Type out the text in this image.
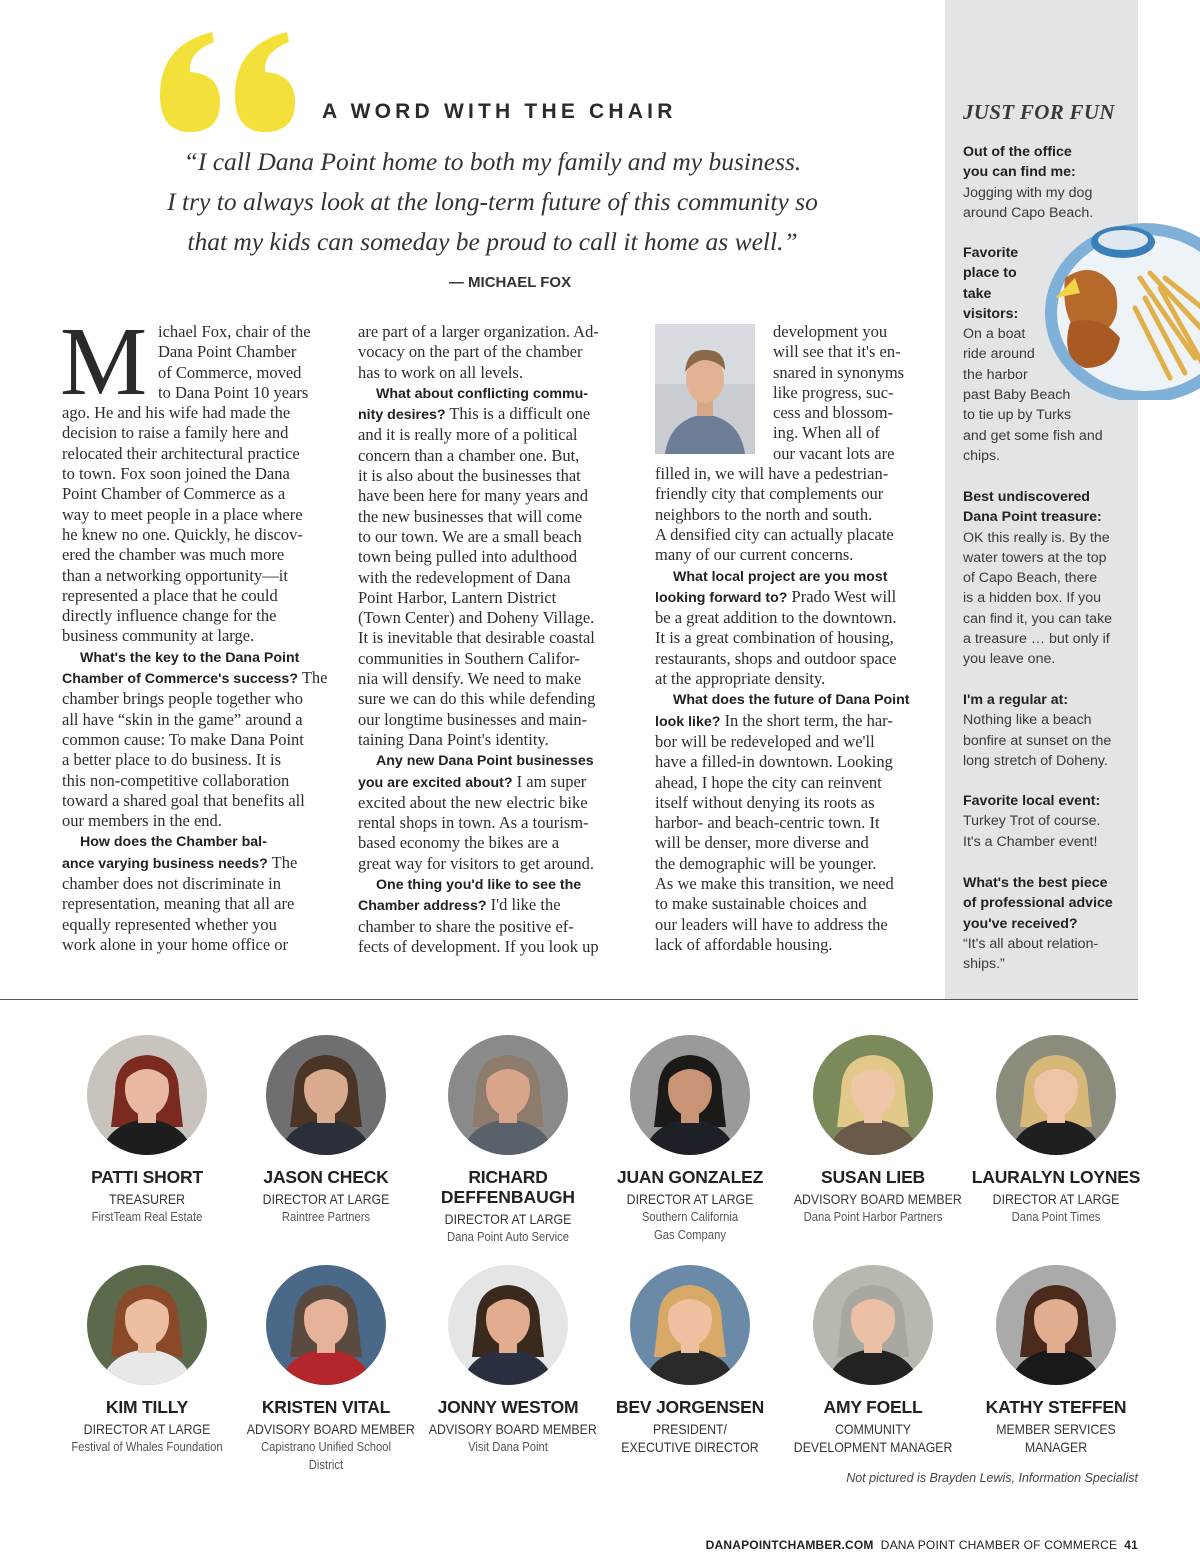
JUST FOR FUN
Out of the office
you can find me:
Jogging with my dog
around Capo Beach.
Favorite
place to
take
visitors:
On a boat
ride around
the harbor
past Baby Beach
to tie up by Turks
and get some fish and
chips.
Best undiscovered
Dana Point treasure:
OK this really is. By the
water towers at the top
of Capo Beach, there
is a hidden box. If you
can find it, you can take
a treasure … but only if
you leave one.
I'm a regular at:
Nothing like a beach
bonfire at sunset on the
long stretch of Doheny.
Favorite local event:
Turkey Trot of course.
It's a Chamber event!
What's the best piece
of professional advice
you've received?
“It's all about relation-
ships.”
A WORD WITH THE CHAIR
“I call Dana Point home to both my family and my business.
I try to always look at the long-term future of this community so
that my kids can someday be proud to call it home as well.”
— MICHAEL FOX
M ichael Fox, chair of the
Dana Point Chamber
of Commerce, moved
to Dana Point 10 years
ago. He and his wife had made the
decision to raise a family here and
relocated their architectural practice
to town. Fox soon joined the Dana
Point Chamber of Commerce as a
way to meet people in a place where
he knew no one. Quickly, he discov-
ered the chamber was much more
than a networking opportunity—it
represented a place that he could
directly influence change for the
business community at large.
What's the key to the Dana Point
Chamber of Commerce's success? The
chamber brings people together who
all have “skin in the game” around a
common cause: To make Dana Point
a better place to do business. It is
this non-competitive collaboration
toward a shared goal that benefits all
our members in the end.
How does the Chamber bal-
ance varying business needs? The
chamber does not discriminate in
representation, meaning that all are
equally represented whether you
work alone in your home office or
are part of a larger organization. Ad-
vocacy on the part of the chamber
has to work on all levels.
What about conflicting commu-
nity desires? This is a difficult one
and it is really more of a political
concern than a chamber one. But,
it is also about the businesses that
have been here for many years and
the new businesses that will come
to our town. We are a small beach
town being pulled into adulthood
with the redevelopment of Dana
Point Harbor, Lantern District
(Town Center) and Doheny Village.
It is inevitable that desirable coastal
communities in Southern Califor-
nia will densify. We need to make
sure we can do this while defending
our longtime businesses and main-
taining Dana Point's identity.
Any new Dana Point businesses
you are excited about? I am super
excited about the new electric bike
rental shops in town. As a tourism-
based economy the bikes are a
great way for visitors to get around.
One thing you'd like to see the
Chamber address? I'd like the
chamber to share the positive ef-
fects of development. If you look up
development you
will see that it's en-
snared in synonyms
like progress, suc-
cess and blossom-
ing. When all of
our vacant lots are
filled in, we will have a pedestrian-
friendly city that complements our
neighbors to the north and south.
A densified city can actually placate
many of our current concerns.
What local project are you most
looking forward to? Prado West will
be a great addition to the downtown.
It is a great combination of housing,
restaurants, shops and outdoor space
at the appropriate density.
What does the future of Dana Point
look like? In the short term, the har-
bor will be redeveloped and we'll
have a filled-in downtown. Looking
ahead, I hope the city can reinvent
itself without denying its roots as
harbor- and beach-centric town. It
will be denser, more diverse and
the demographic will be younger.
As we make this transition, we need
to make sustainable choices and
our leaders will have to address the
lack of affordable housing.
PATTI SHORT
TREASURER
FirstTeam Real Estate
JASON CHECK
DIRECTOR AT LARGE
Raintree Partners
RICHARD
DEFFENBAUGH
DIRECTOR AT LARGE
Dana Point Auto Service
JUAN GONZALEZ
DIRECTOR AT LARGE
Southern California
Gas Company
SUSAN LIEB
ADVISORY BOARD MEMBER
Dana Point Harbor Partners
LAURALYN LOYNES
DIRECTOR AT LARGE
Dana Point Times
KIM TILLY
DIRECTOR AT LARGE
Festival of Whales Foundation
KRISTEN VITAL
ADVISORY BOARD MEMBER
Capistrano Unified School
District
JONNY WESTOM
ADVISORY BOARD MEMBER
Visit Dana Point
BEV JORGENSEN
PRESIDENT/
EXECUTIVE DIRECTOR
AMY FOELL
COMMUNITY
DEVELOPMENT MANAGER
KATHY STEFFEN
MEMBER SERVICES
MANAGER
Not pictured is Brayden Lewis, Information Specialist
DANAPOINTCHAMBER.COM DANA POINT CHAMBER OF COMMERCE 41
